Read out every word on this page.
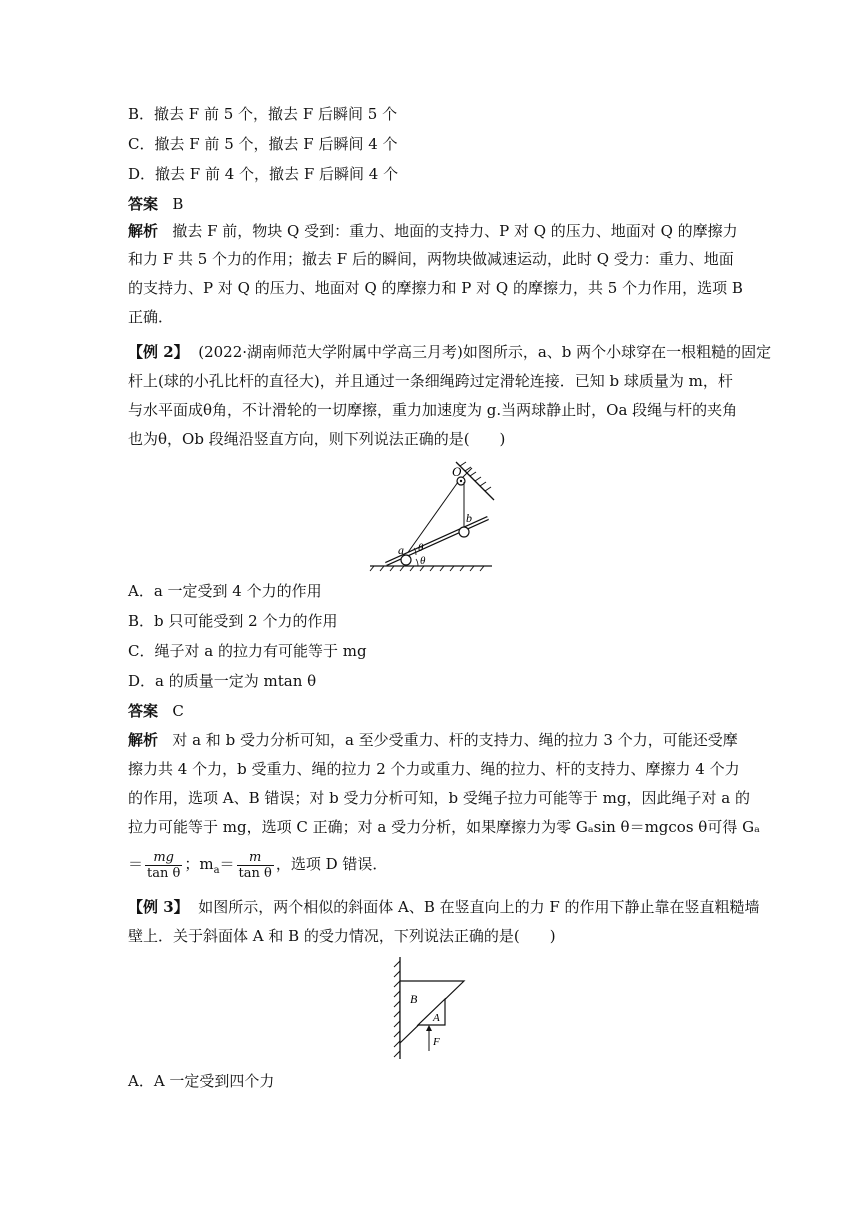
B．撤去 F 前 5 个，撤去 F 后瞬间 5 个
C．撤去 F 前 5 个，撤去 F 后瞬间 4 个
D．撤去 F 前 4 个，撤去 F 后瞬间 4 个
答案 B
解析 撤去 F 前，物块 Q 受到：重力、地面的支持力、P 对 Q 的压力、地面对 Q 的摩擦力
和力 F 共 5 个力的作用；撤去 F 后的瞬间，两物块做减速运动，此时 Q 受力：重力、地面
的支持力、P 对 Q 的压力、地面对 Q 的摩擦力和 P 对 Q 的摩擦力，共 5 个力作用，选项 B
正确．
【例 2】 (2022·湖南师范大学附属中学高三月考)如图所示，a、b 两个小球穿在一根粗糙的固定
杆上(球的小孔比杆的直径大)，并且通过一条细绳跨过定滑轮连接．已知 b 球质量为 m，杆
与水平面成θ角，不计滑轮的一切摩擦，重力加速度为 g.当两球静止时，Oa 段绳与杆的夹角
也为θ，Ob 段绳沿竖直方向，则下列说法正确的是(　　)
O
a
b
θ
θ
A．a 一定受到 4 个力的作用
B．b 只可能受到 2 个力的作用
C．绳子对 a 的拉力有可能等于 mg
D．a 的质量一定为 mtan θ
答案 C
解析 对 a 和 b 受力分析可知，a 至少受重力、杆的支持力、绳的拉力 3 个力，可能还受摩
擦力共 4 个力，b 受重力、绳的拉力 2 个力或重力、绳的拉力、杆的支持力、摩擦力 4 个力
的作用，选项 A、B 错误；对 b 受力分析可知，b 受绳子拉力可能等于 mg，因此绳子对 a 的
拉力可能等于 mg，选项 C 正确；对 a 受力分析，如果摩擦力为零 Gₐsin θ＝mgcos θ可得 Gₐ
＝ $\frac{mg}{\text{tan θ}}$ ；$m_a= \frac{m}{\text{tan θ}}$ ，选项 D 错误．
【例 3】 如图所示，两个相似的斜面体 A、B 在竖直向上的力 F 的作用下静止靠在竖直粗糙墙
壁上．关于斜面体 A 和 B 的受力情况，下列说法正确的是(　　)
B
A
F
A．A 一定受到四个力
